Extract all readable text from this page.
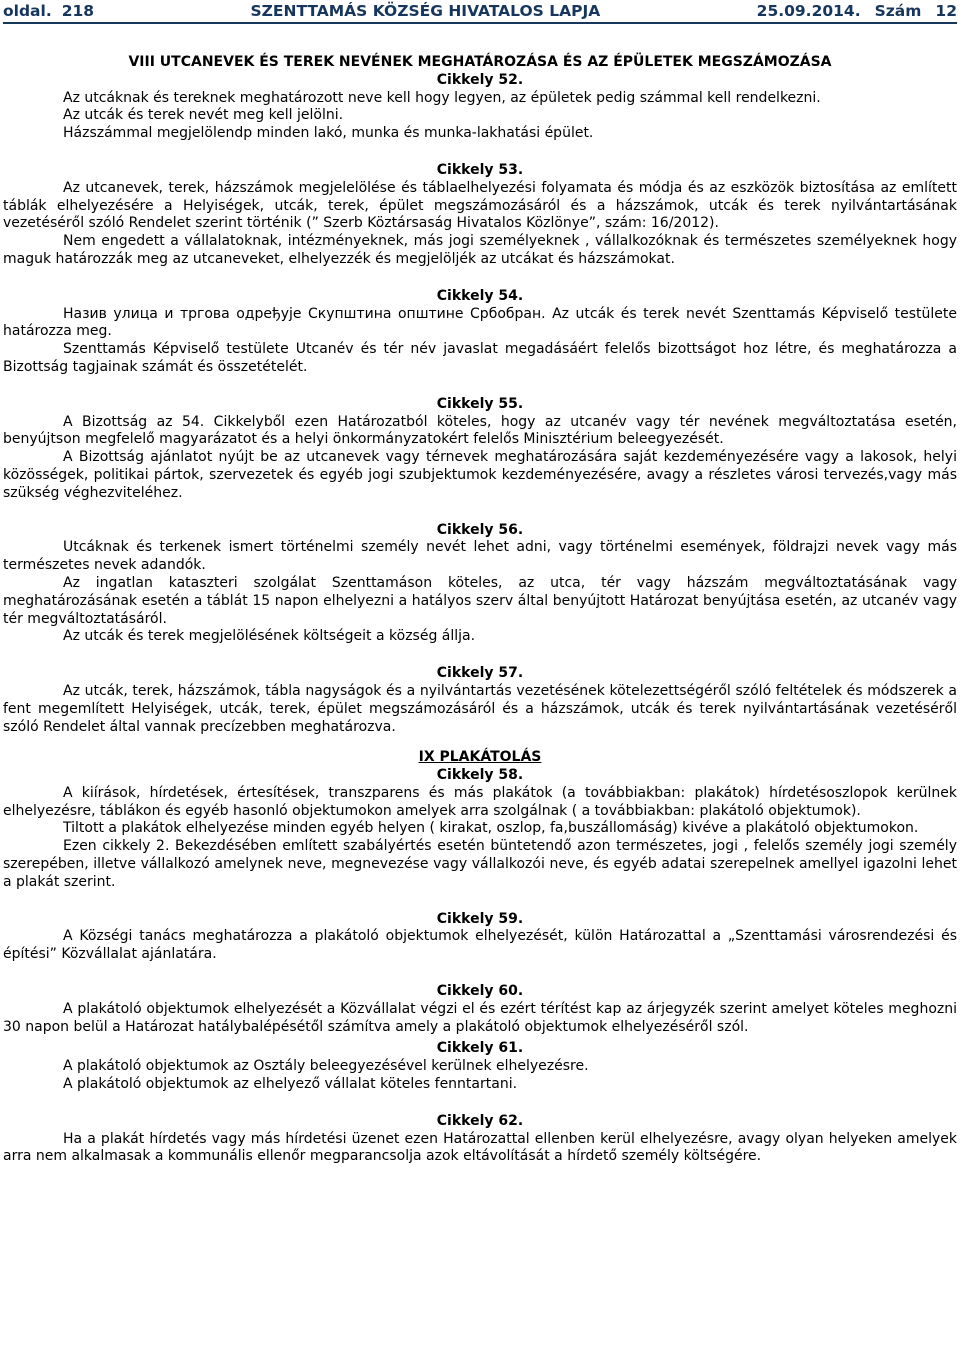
oldal. 218	SZENTTAMÁS KÖZSÉG HIVATALOS LAPJA	25.09.2014. Szám 12
VIII UTCANEVEK ÉS TEREK NEVÉNEK MEGHATÁROZÁSA ÉS AZ ÉPÜLETEK MEGSZÁMOZÁSA
Cikkely 52.

Az utcáknak és tereknek meghatározott neve kell hogy legyen, az épületek pedig számmal kell rendelkezni.

Az utcák és terek nevét meg kell jelölni.

Házszámmal megjelölendp minden lakó, munka és munka-lakhatási épület.

Cikkely 53.

Az utcanevek, terek, házszámok megjelelölése és táblaelhelyezési folyamata és módja és az eszközök biztosítása az említett táblák elhelyezésére a Helyiségek, utcák, terek, épület megszámozásáról és a házszámok, utcák és terek nyilvántartásának vezetéséről szóló Rendelet szerint történik (” Szerb Köztársaság Hivatalos Közlönye”, szám: 16/2012).

Nem engedett a vállalatoknak, intézményeknek, más jogi személyeknek , vállalkozóknak és természetes személyeknek hogy maguk határozzák meg az utcaneveket, elhelyezzék és megjelöljék az utcákat és házszámokat.

Cikkely 54.

Назив улица и тргова одређује Скупштина општине Србобран. Az utcák és terek nevét Szenttamás Képviselő testülete határozza meg.

Szenttamás Képviselő testülete Utcanév és tér név javaslat megadásáért felelős bizottságot hoz létre, és meghatározza a Bizottság tagjainak számát és összetételét.

Cikkely 55.

A Bizottság az 54. Cikkelyből ezen Határozatból köteles, hogy az utcanév vagy tér nevének megváltoztatása esetén, benyújtson megfelelő magyarázatot és a helyi önkormányzatokért felelős Minisztérium beleegyezését.

A Bizottság ajánlatot nyújt be az utcanevek vagy térnevek meghatározására saját kezdeményezésére vagy a lakosok, helyi közösségek, politikai pártok, szervezetek és egyéb jogi szubjektumok kezdeményezésére, avagy a részletes városi tervezés,vagy más szükség véghezviteléhez.

Cikkely 56.

Utcáknak és terkenek ismert történelmi személy nevét lehet adni, vagy történelmi események, földrajzi nevek vagy más természetes nevek adandók.

Az ingatlan kataszteri szolgálat Szenttamáson köteles, az utca, tér vagy házszám megváltoztatásának vagy meghatározásának esetén a táblát 15 napon elhelyezni a hatályos szerv által benyújtott Határozat benyújtása esetén, az utcanév vagy tér megváltoztatásáról.

Az utcák és terek megjelölésének költségeit a község állja.

Cikkely 57.

Az utcák, terek, házszámok, tábla nagyságok és a nyilvántartás vezetésének kötelezettségéről szóló feltételek és módszerek a fent megemlített Helyiségek, utcák, terek, épület megszámozásáról és a házszámok, utcák és terek nyilvántartásának vezetéséről szóló Rendelet által vannak precízebben meghatározva.

IX PLAKÁTOLÁS
Cikkely 58.

A kiírások, hírdetések, értesítések, transzparens és más plakátok (a továbbiakban: plakátok) hírdetésoszlopok kerülnek elhelyezésre, táblákon és egyéb hasonló objektumokon amelyek arra szolgálnak ( a továbbiakban: plakátoló objektumok).

Tiltott a plakátok elhelyezése minden egyéb helyen ( kirakat, oszlop, fa,buszállomáság) kivéve a plakátoló objektumokon.

Ezen cikkely 2. Bekezdésében említett szabályértés esetén büntetendő azon természetes, jogi , felelős személy jogi személy szerepében, illetve vállalkozó amelynek neve, megnevezése vagy vállalkozói neve, és egyéb adatai szerepelnek amellyel igazolni lehet a plakát szerint.

Cikkely 59.

A Községi tanács meghatározza a plakátoló objektumok elhelyezését, külön Határozattal a „Szenttamási városrendezési és építési” Közvállalat ajánlatára.

Cikkely 60.

A plakátoló objektumok elhelyezését a Közvállalat végzi el és ezért térítést kap az árjegyzék szerint amelyet köteles meghozni 30 napon belül a Határozat hatálybalépésétől számítva amely a plakátoló objektumok elhelyezéséről szól.

Cikkely 61.

A plakátoló objektumok az Osztály beleegyezésével kerülnek elhelyezésre.

A plakátoló objektumok az elhelyező vállalat köteles fenntartani.

Cikkely 62.

Ha a plakát hírdetés vagy más hírdetési üzenet ezen Határozattal ellenben kerül elhelyezésre, avagy olyan helyeken amelyek arra nem alkalmasak a kommunális ellenőr megparancsolja azok eltávolítását a hírdető személy költségére.
